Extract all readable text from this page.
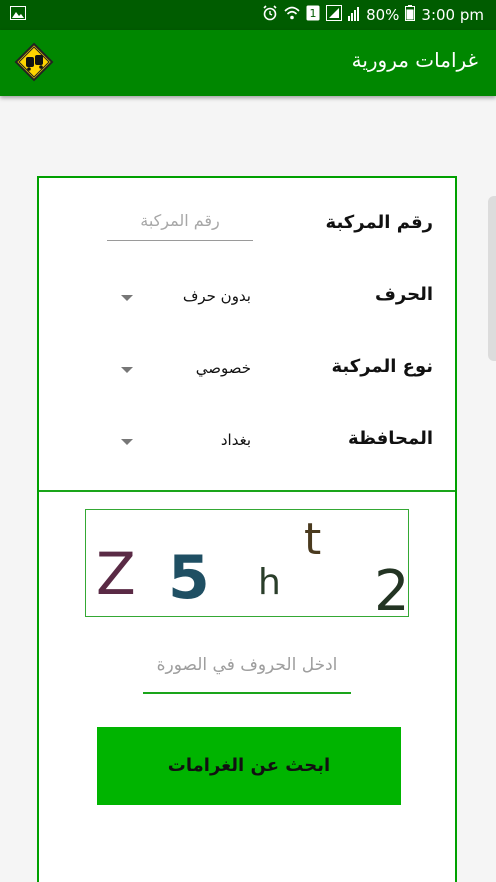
1	80% 3:00 pm
غرامات مرورية
رقم المركبة
رقم المركبة
الحرف
بدون حرف
نوع المركبة
خصوصي
المحافظة
بغداد
Z 5 h
t
2
ادخل الحروف في الصورة
ابحث عن الغرامات
